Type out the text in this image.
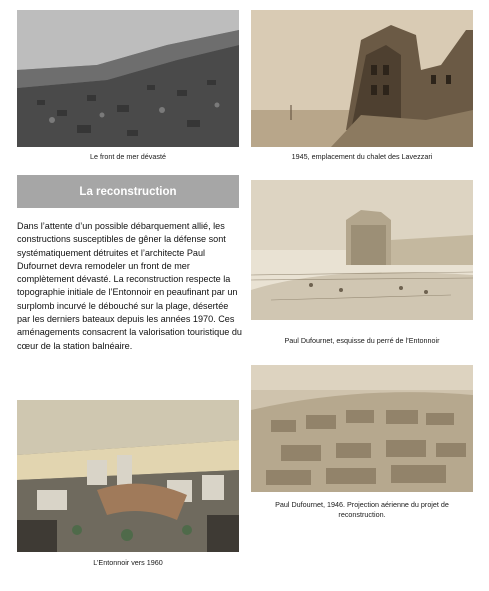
Le front de mer dévasté	1945, emplacement du chalet des Lavezzari
La reconstruction

Dans l’attente d’un possible débarquement allié, les constructions susceptibles de gêner la défense sont systématiquement détruites et l’architecte Paul Dufournet devra remodeler un front de mer complètement dévasté. La reconstruction respecte la topographie initiale de l’Entonnoir en peaufinant par un surplomb incurvé le débouché sur la plage, désertée par les derniers bateaux depuis les années 1970. Ces aménagements consacrent la valorisation touristique du cœur de la station balnéaire.

Paul Dufournet, esquisse du perré de l’Entonnoir
Paul Dufournet, 1946. Projection aérienne du projet de reconstruction.
L’Entonnoir vers 1960
